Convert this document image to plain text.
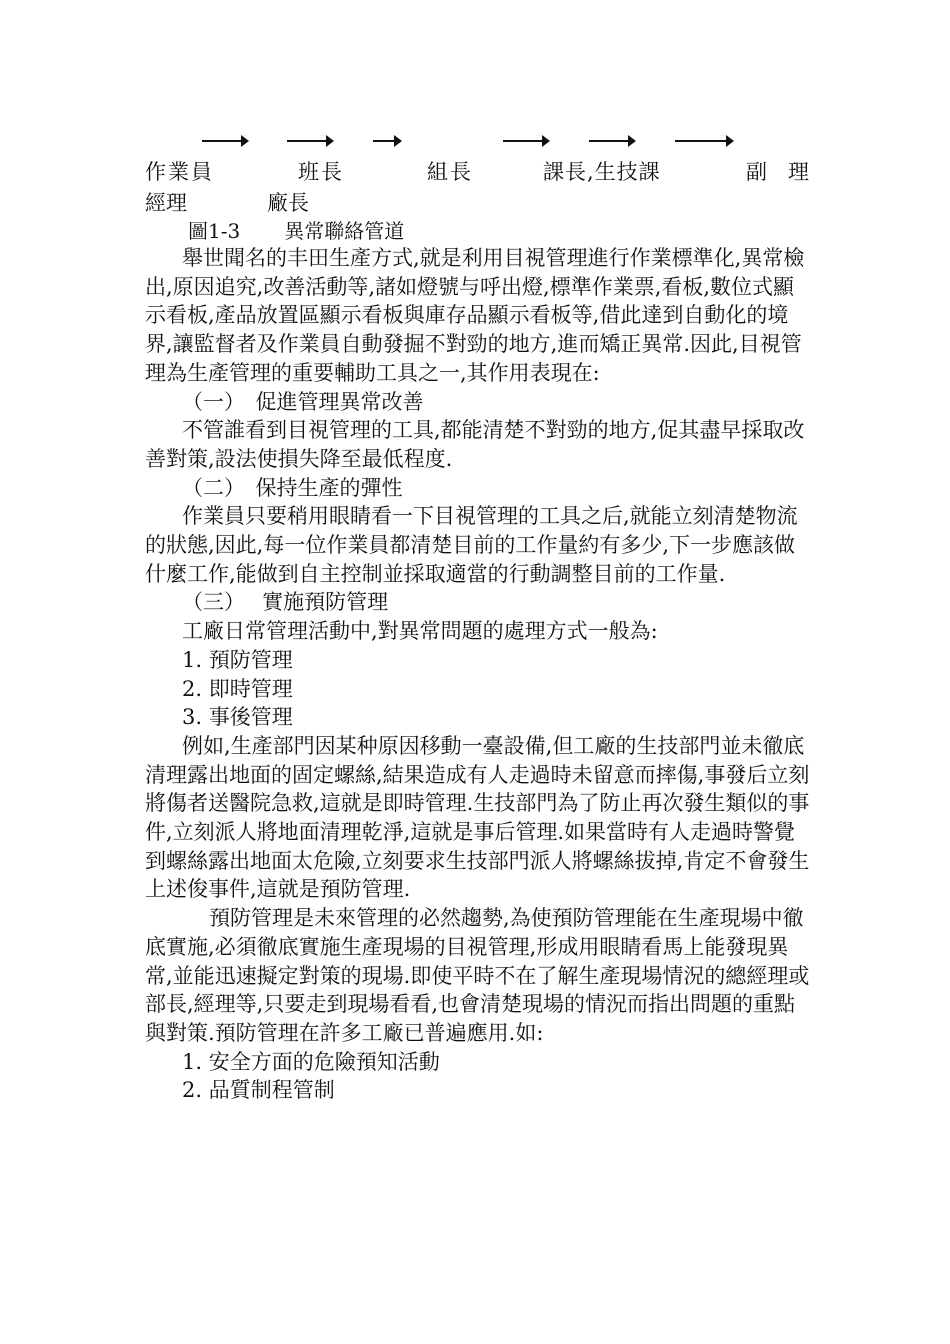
作業員	班長	組長	課長,生技課	副　理
經理	廠長
圖1-3 異常聯絡管道

舉世聞名的丰田生產方式,就是利用目視管理進行作業標準化,異常檢出,原因追究,改善活動等,諸如燈號与呼出燈,標準作業票,看板,數位式顯示看板,產品放置區顯示看板與庫存品顯示看板等,借此達到自動化的境界,讓監督者及作業員自動發掘不對勁的地方,進而矯正異常.因此,目視管理為生產管理的重要輔助工具之一,其作用表現在:

（一）　促進管理異常改善

不管誰看到目視管理的工具,都能清楚不對勁的地方,促其盡早採取改善對策,設法使損失降至最低程度.

（二）　保持生產的彈性

作業員只要稍用眼睛看一下目視管理的工具之后,就能立刻清楚物流的狀態,因此,每一位作業員都清楚目前的工作量約有多少,下一步應該做什麼工作,能做到自主控制並採取適當的行動調整目前的工作量.

（三）　 實施預防管理

工廠日常管理活動中,對異常問題的處理方式一般為:

1. 預防管理

2. 即時管理

3. 事後管理

例如,生產部門因某种原因移動一臺設備,但工廠的生技部門並未徹底清理露出地面的固定螺絲,結果造成有人走過時未留意而摔傷,事發后立刻將傷者送醫院急救,這就是即時管理.生技部門為了防止再次發生類似的事件,立刻派人將地面清理乾淨,這就是事后管理.如果當時有人走過時警覺到螺絲露出地面太危險,立刻要求生技部門派人將螺絲拔掉,肯定不會發生上述俊事件,這就是預防管理.

預防管理是未來管理的必然趨勢,為使預防管理能在生產現場中徹底實施,必須徹底實施生產現場的目視管理,形成用眼睛看馬上能發現異常,並能迅速擬定對策的現場.即使平時不在了解生產現場情況的總經理或部長,經理等,只要走到現場看看,也會清楚現場的情況而指出問題的重點與對策.預防管理在許多工廠已普遍應用.如:

1. 安全方面的危險預知活動

2. 品質制程管制
